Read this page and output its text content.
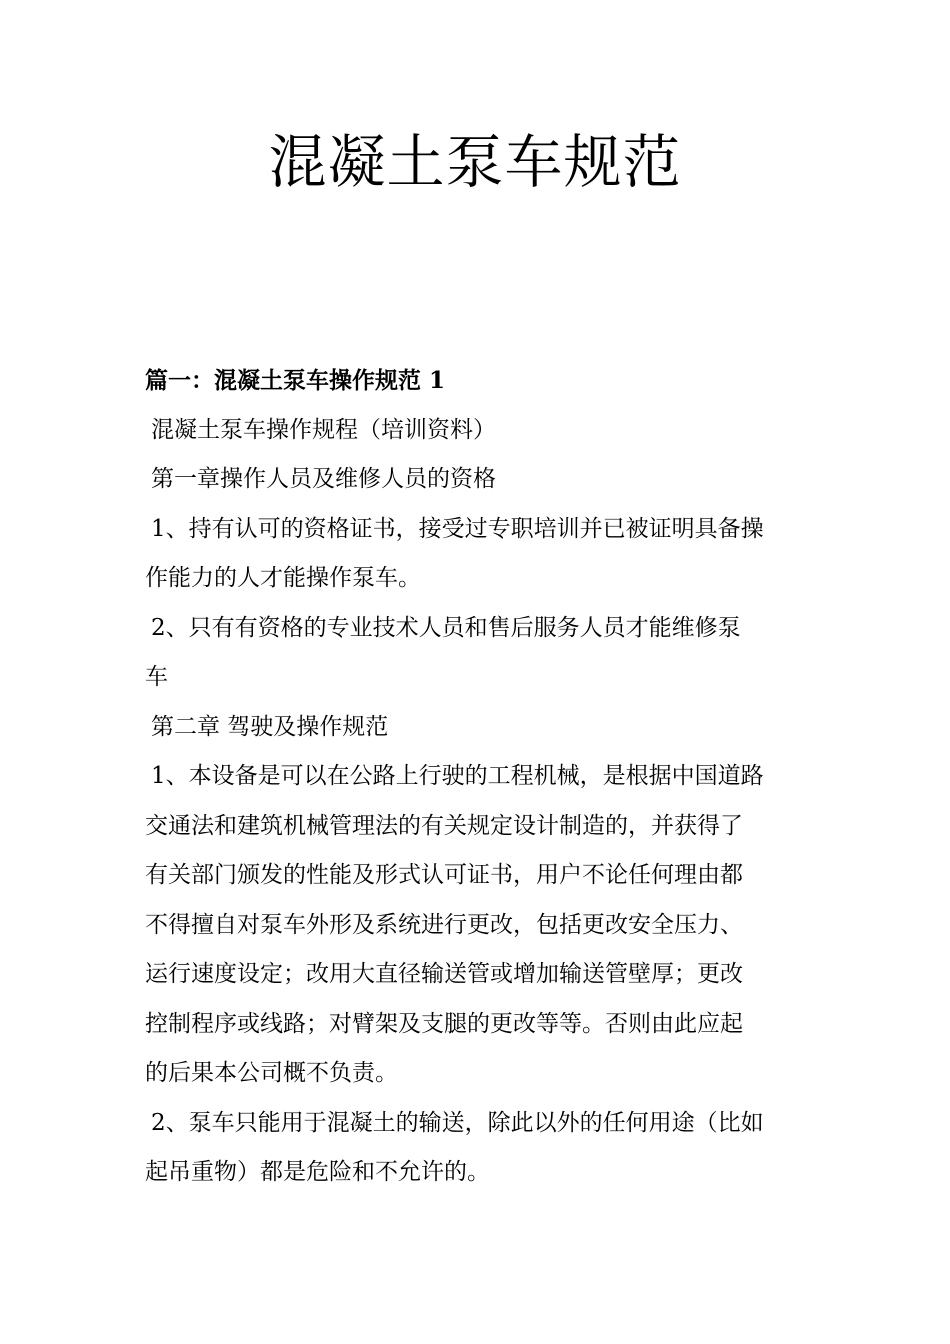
混凝土泵车规范

篇一：混凝土泵车操作规范 1

混凝土泵车操作规程（培训资料）

第一章操作人员及维修人员的资格

1、持有认可的资格证书，接受过专职培训并已被证明具备操

作能力的人才能操作泵车。

2、只有有资格的专业技术人员和售后服务人员才能维修泵

车

第二章 驾驶及操作规范

1、本设备是可以在公路上行驶的工程机械，是根据中国道路

交通法和建筑机械管理法的有关规定设计制造的，并获得了

有关部门颁发的性能及形式认可证书，用户不论任何理由都

不得擅自对泵车外形及系统进行更改，包括更改安全压力、

运行速度设定；改用大直径输送管或增加输送管壁厚；更改

控制程序或线路；对臂架及支腿的更改等等。否则由此应起

的后果本公司概不负责。

2、泵车只能用于混凝土的输送，除此以外的任何用途（比如

起吊重物）都是危险和不允许的。
